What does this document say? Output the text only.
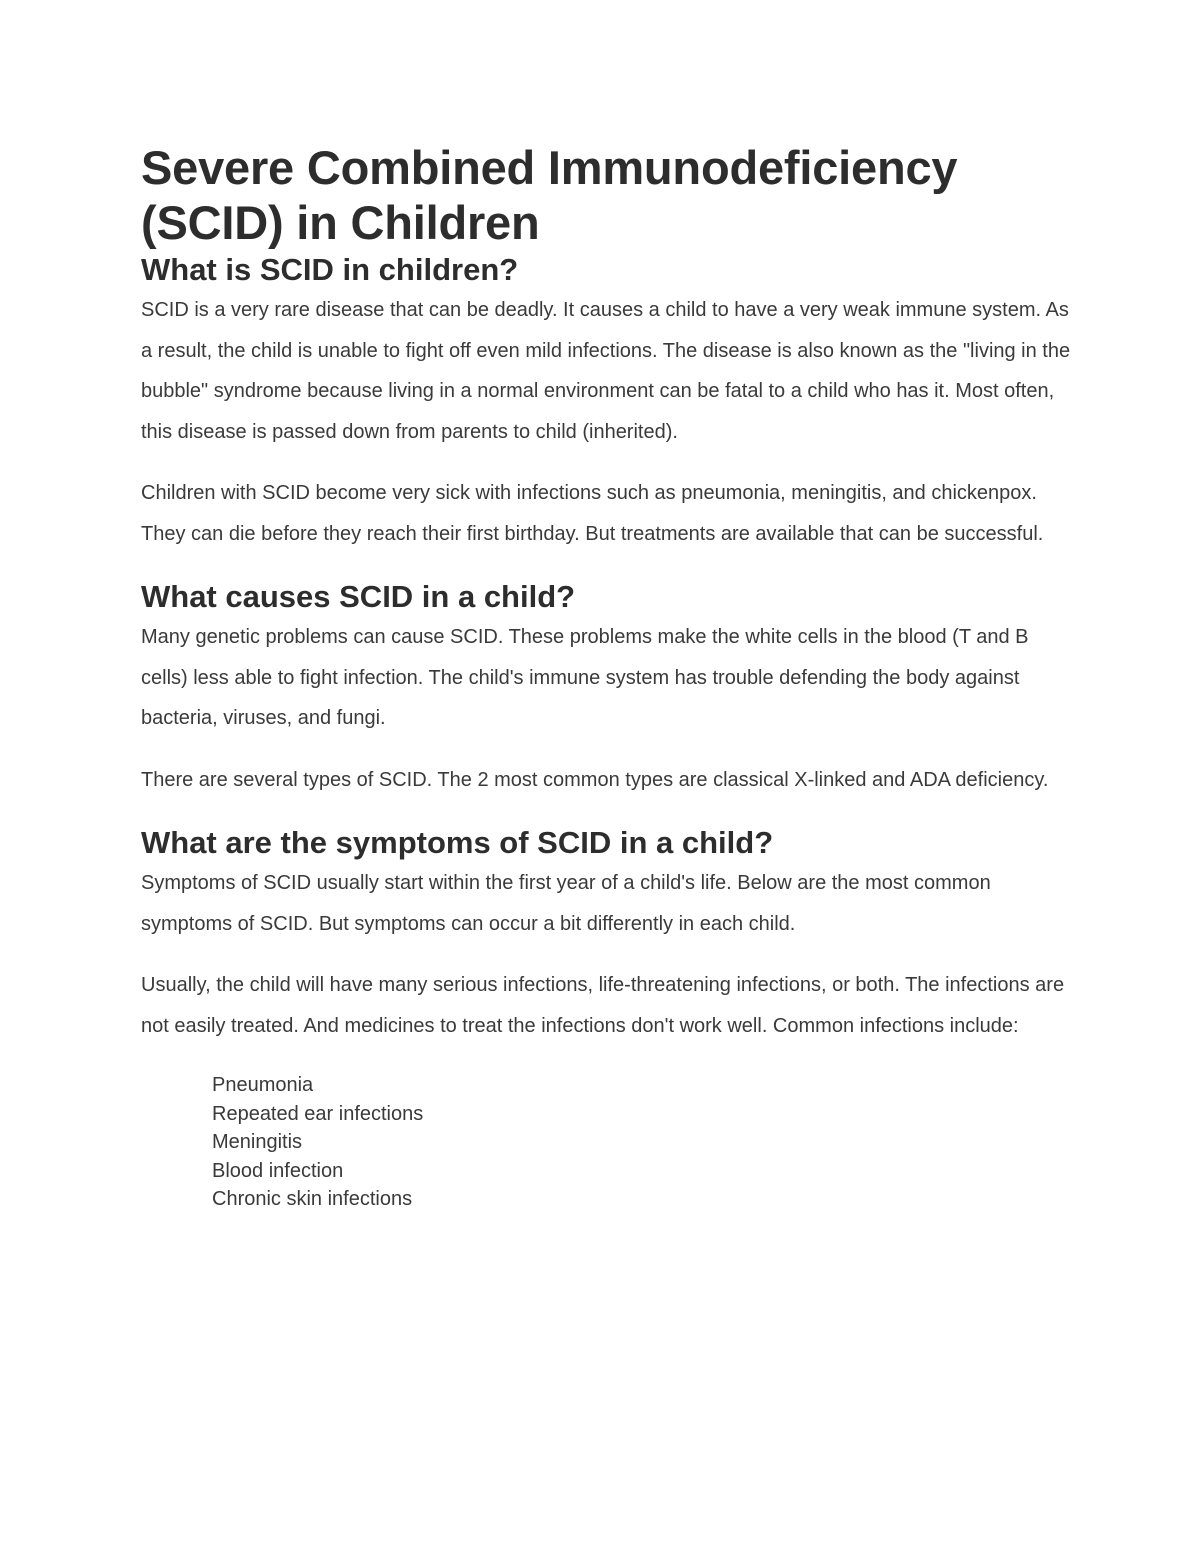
Severe Combined Immunodeficiency (SCID) in Children
What is SCID in children?

SCID is a very rare disease that can be deadly. It causes a child to have a very weak immune system. As a result, the child is unable to fight off even mild infections. The disease is also known as the "living in the bubble" syndrome because living in a normal environment can be fatal to a child who has it. Most often, this disease is passed down from parents to child (inherited).

Children with SCID become very sick with infections such as pneumonia, meningitis, and chickenpox. They can die before they reach their first birthday. But treatments are available that can be successful.

What causes SCID in a child?

Many genetic problems can cause SCID. These problems make the white cells in the blood (T and B cells) less able to fight infection. The child's immune system has trouble defending the body against bacteria, viruses, and fungi.

There are several types of SCID. The 2 most common types are classical X-linked and ADA deficiency.

What are the symptoms of SCID in a child?

Symptoms of SCID usually start within the first year of a child's life. Below are the most common symptoms of SCID. But symptoms can occur a bit differently in each child.

Usually, the child will have many serious infections, life-threatening infections, or both. The infections are not easily treated. And medicines to treat the infections don't work well. Common infections include:

Pneumonia
Repeated ear infections
Meningitis
Blood infection
Chronic skin infections
